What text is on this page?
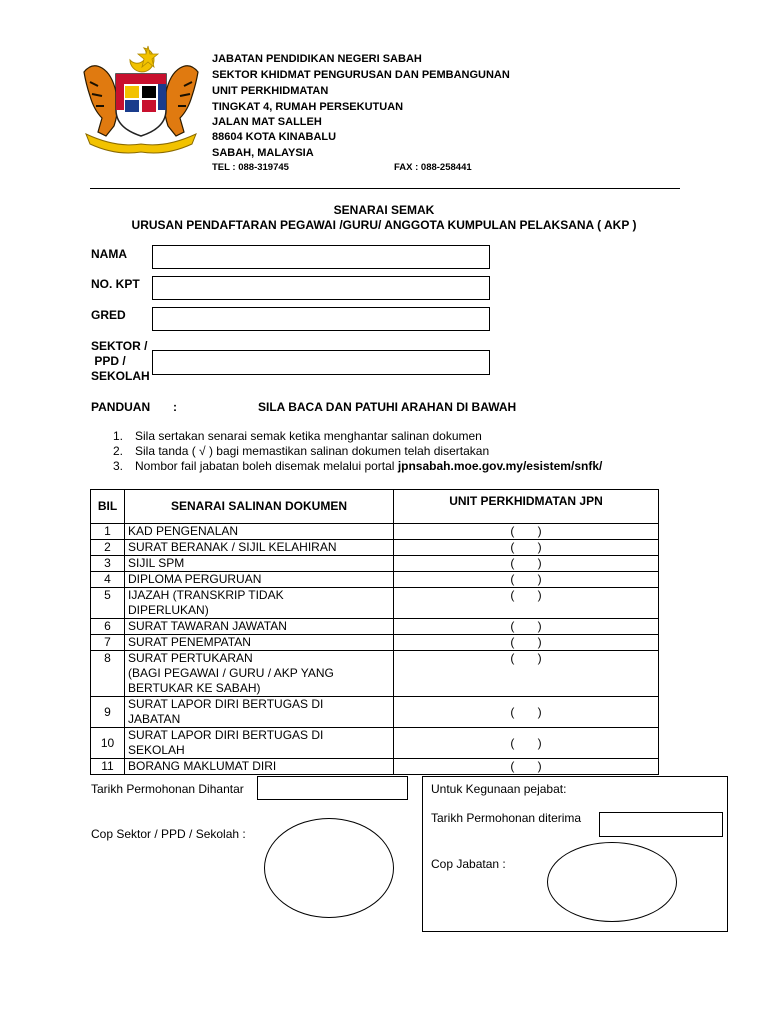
JABATAN PENDIDIKAN NEGERI SABAH
SEKTOR KHIDMAT PENGURUSAN DAN PEMBANGUNAN
UNIT PERKHIDMATAN
TINGKAT 4, RUMAH PERSEKUTUAN
JALAN MAT SALLEH
88604 KOTA KINABALU
SABAH, MALAYSIA
TEL : 088-319745	FAX : 088-258441
SENARAI SEMAK
URUSAN PENDAFTARAN PEGAWAI /GURU/ ANGGOTA KUMPULAN PELAKSANA ( AKP )
NAMA
NO. KPT
GRED
SEKTOR /
PPD /
SEKOLAH
PANDUAN :	SILA BACA DAN PATUHI ARAHAN DI BAWAH
1. Sila sertakan senarai semak ketika menghantar salinan dokumen
2. Sila tanda ( √ ) bagi memastikan salinan dokumen telah disertakan
3. Nombor fail jabatan boleh disemak melalui portal jpnsabah.moe.gov.my/esistem/snfk/
BIL	SENARAI SALINAN DOKUMEN	UNIT PERKHIDMATAN JPN
1	KAD PENGENALAN	(       )
2	SURAT BERANAK / SIJIL KELAHIRAN	(       )
3	SIJIL SPM	(       )
4	DIPLOMA PERGURUAN	(       )
5	IJAZAH (TRANSKRIP TIDAK
DIPERLUKAN)	(       )
6	SURAT TAWARAN JAWATAN	(       )
7	SURAT PENEMPATAN	(       )
8	SURAT PERTUKARAN
(BAGI PEGAWAI / GURU / AKP YANG
BERTUKAR KE SABAH)	(       )
9	SURAT LAPOR DIRI BERTUGAS DI
JABATAN	(       )
10	SURAT LAPOR DIRI BERTUGAS DI
SEKOLAH	(       )
11	BORANG MAKLUMAT DIRI	(       )
Tarikh Permohonan Dihantar
Cop Sektor / PPD / Sekolah :
Untuk Kegunaan pejabat:
Tarikh Permohonan diterima
Cop Jabatan :
